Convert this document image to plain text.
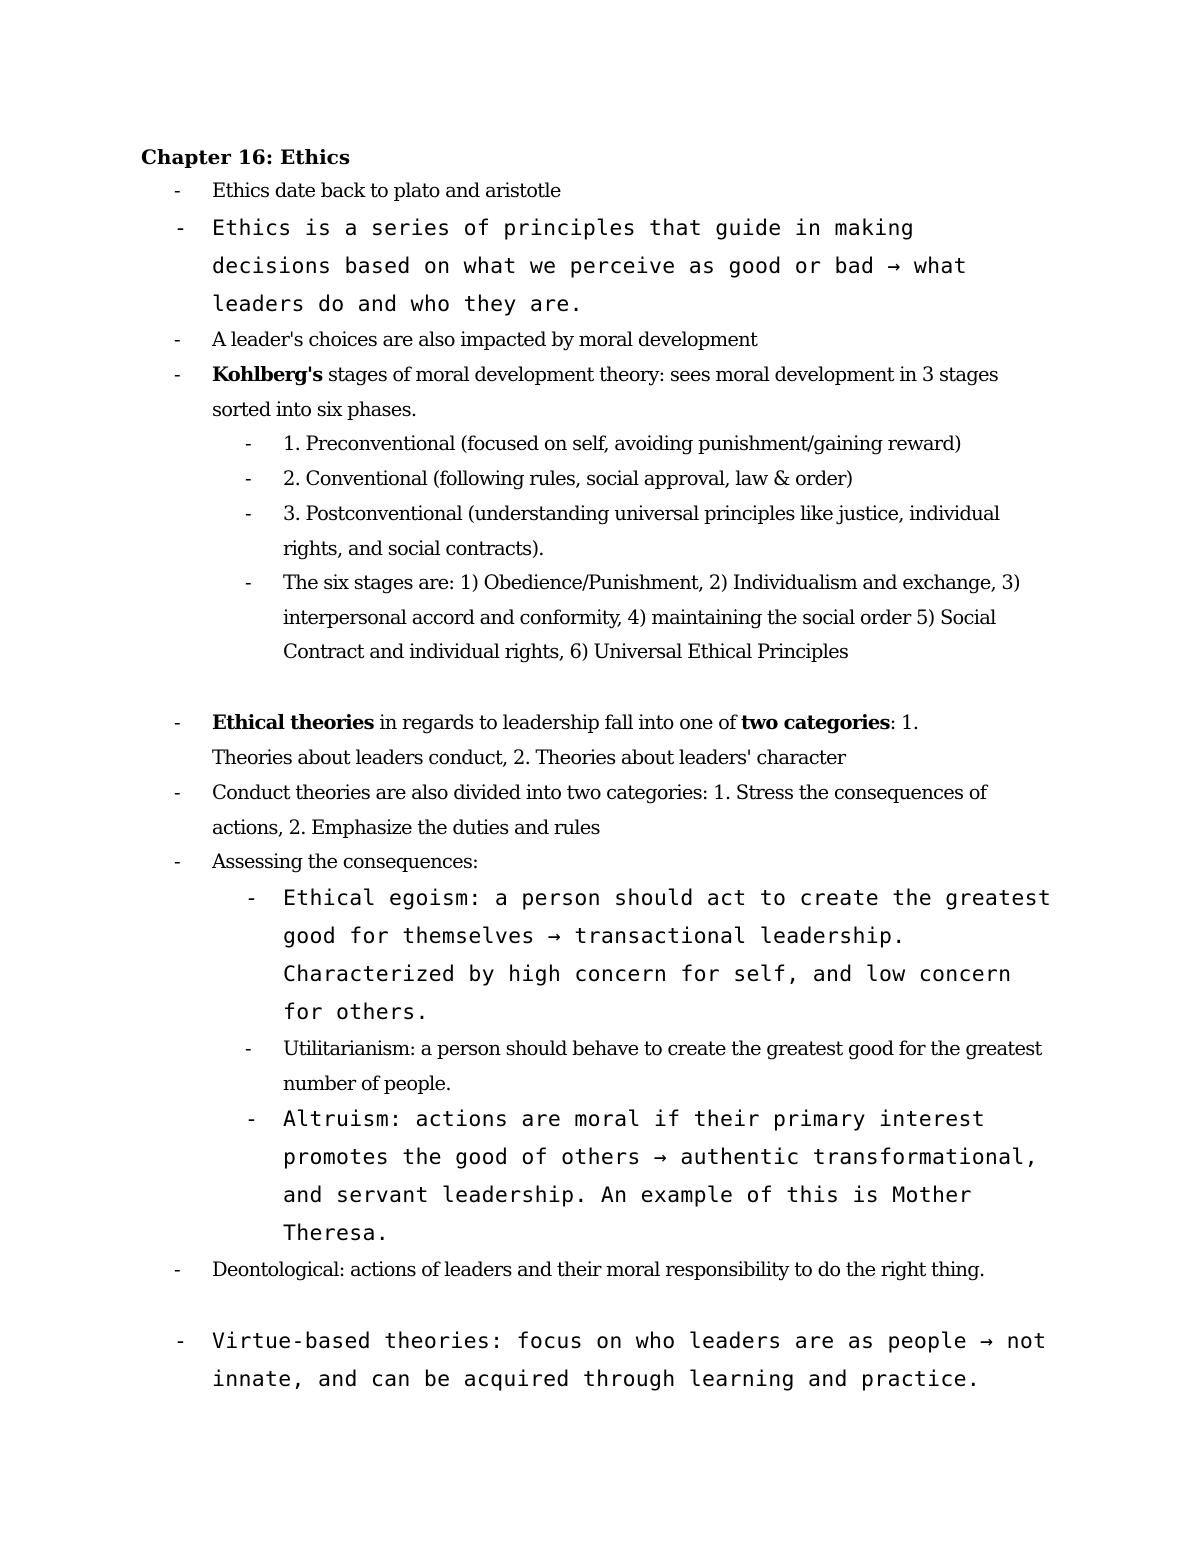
Chapter 16: Ethics
- Ethics date back to plato and aristotle
- Ethics is a series of principles that guide in making decisions based on what we perceive as good or bad → what leaders do and who they are.
- A leader's choices are also impacted by moral development
- Kohlberg's stages of moral development theory: sees moral development in 3 stages sorted into six phases.
- 1. Preconventional (focused on self, avoiding punishment/gaining reward)
- 2. Conventional (following rules, social approval, law & order)
- 3. Postconventional (understanding universal principles like justice, individual rights, and social contracts).
- The six stages are: 1) Obedience/Punishment, 2) Individualism and exchange, 3) interpersonal accord and conformity, 4) maintaining the social order 5) Social Contract and individual rights, 6) Universal Ethical Principles
- Ethical theories in regards to leadership fall into one of two categories: 1. Theories about leaders conduct, 2. Theories about leaders' character
- Conduct theories are also divided into two categories: 1. Stress the consequences of actions, 2. Emphasize the duties and rules
- Assessing the consequences:
- Ethical egoism: a person should act to create the greatest good for themselves → transactional leadership. Characterized by high concern for self, and low concern for others.
- Utilitarianism: a person should behave to create the greatest good for the greatest number of people.
- Altruism: actions are moral if their primary interest promotes the good of others → authentic transformational, and servant leadership. An example of this is Mother Theresa.
- Deontological: actions of leaders and their moral responsibility to do the right thing.
- Virtue-based theories: focus on who leaders are as people → not innate, and can be acquired through learning and practice.
